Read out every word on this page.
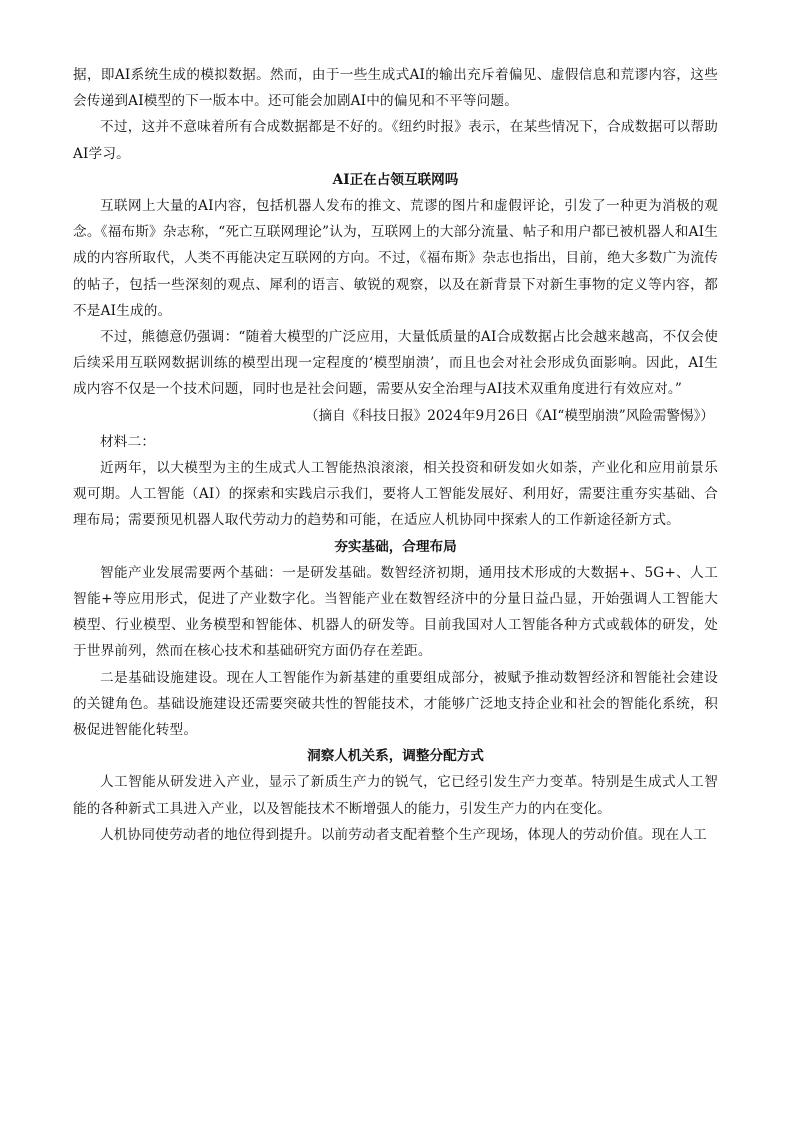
据，即AI系统生成的模拟数据。然而，由于一些生成式AI的输出充斥着偏见、虚假信息和荒谬内容，这些会传递到AI模型的下一版本中。还可能会加剧AI中的偏见和不平等问题。

不过，这并不意味着所有合成数据都是不好的。《纽约时报》表示，在某些情况下，合成数据可以帮助AI学习。

AI正在占领互联网吗

互联网上大量的AI内容，包括机器人发布的推文、荒谬的图片和虚假评论，引发了一种更为消极的观念。《福布斯》杂志称，“死亡互联网理论”认为，互联网上的大部分流量、帖子和用户都已被机器人和AI生成的内容所取代，人类不再能决定互联网的方向。不过，《福布斯》杂志也指出，目前，绝大多数广为流传的帖子，包括一些深刻的观点、犀利的语言、敏锐的观察，以及在新背景下对新生事物的定义等内容，都不是AI生成的。

不过，熊德意仍强调：“随着大模型的广泛应用，大量低质量的AI合成数据占比会越来越高，不仅会使后续采用互联网数据训练的模型出现一定程度的‘模型崩溃’，而且也会对社会形成负面影响。因此，AI生成内容不仅是一个技术问题，同时也是社会问题，需要从安全治理与AI技术双重角度进行有效应对。”

（摘自《科技日报》2024年9月26日《AI“模型崩溃”风险需警惕》）

材料二：

近两年，以大模型为主的生成式人工智能热浪滚滚，相关投资和研发如火如荼，产业化和应用前景乐观可期。人工智能（AI）的探索和实践启示我们，要将人工智能发展好、利用好，需要注重夯实基础、合理布局；需要预见机器人取代劳动力的趋势和可能，在适应人机协同中探索人的工作新途径新方式。

夯实基础，合理布局

智能产业发展需要两个基础：一是研发基础。数智经济初期，通用技术形成的大数据+、5G+、人工智能+等应用形式，促进了产业数字化。当智能产业在数智经济中的分量日益凸显，开始强调人工智能大模型、行业模型、业务模型和智能体、机器人的研发等。目前我国对人工智能各种方式或载体的研发，处于世界前列，然而在核心技术和基础研究方面仍存在差距。

二是基础设施建设。现在人工智能作为新基建的重要组成部分，被赋予推动数智经济和智能社会建设的关键角色。基础设施建设还需要突破共性的智能技术，才能够广泛地支持企业和社会的智能化系统，积极促进智能化转型。

洞察人机关系，调整分配方式

人工智能从研发进入产业，显示了新质生产力的锐气，它已经引发生产力变革。特别是生成式人工智能的各种新式工具进入产业，以及智能技术不断增强人的能力，引发生产力的内在变化。

人机协同使劳动者的地位得到提升。以前劳动者支配着整个生产现场，体现人的劳动价值。现在人工
